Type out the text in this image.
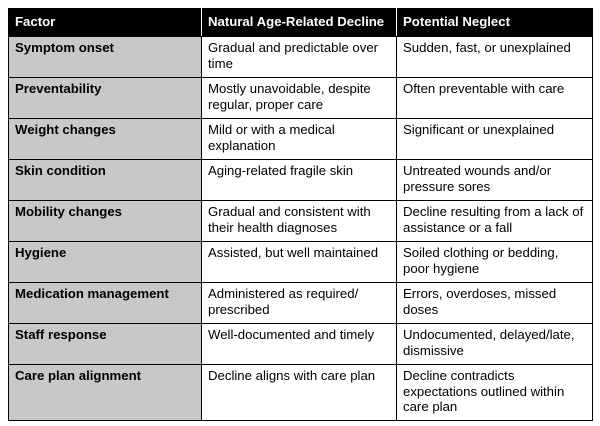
Factor	Natural Age-Related Decline	Potential Neglect
Symptom onset	Gradual and predictable over time	Sudden, fast, or unexplained
Preventability	Mostly unavoidable, despite regular, proper care	Often preventable with care
Weight changes	Mild or with a medical explanation	Significant or unexplained
Skin condition	Aging-related fragile skin	Untreated wounds and/or pressure sores
Mobility changes	Gradual and consistent with their health diagnoses	Decline resulting from a lack of assistance or a fall
Hygiene	Assisted, but well maintained	Soiled clothing or bedding, poor hygiene
Medication management	Administered as required/ prescribed	Errors, overdoses, missed doses
Staff response	Well-documented and timely	Undocumented, delayed/late, dismissive
Care plan alignment	Decline aligns with care plan	Decline contradicts expectations outlined within care plan
